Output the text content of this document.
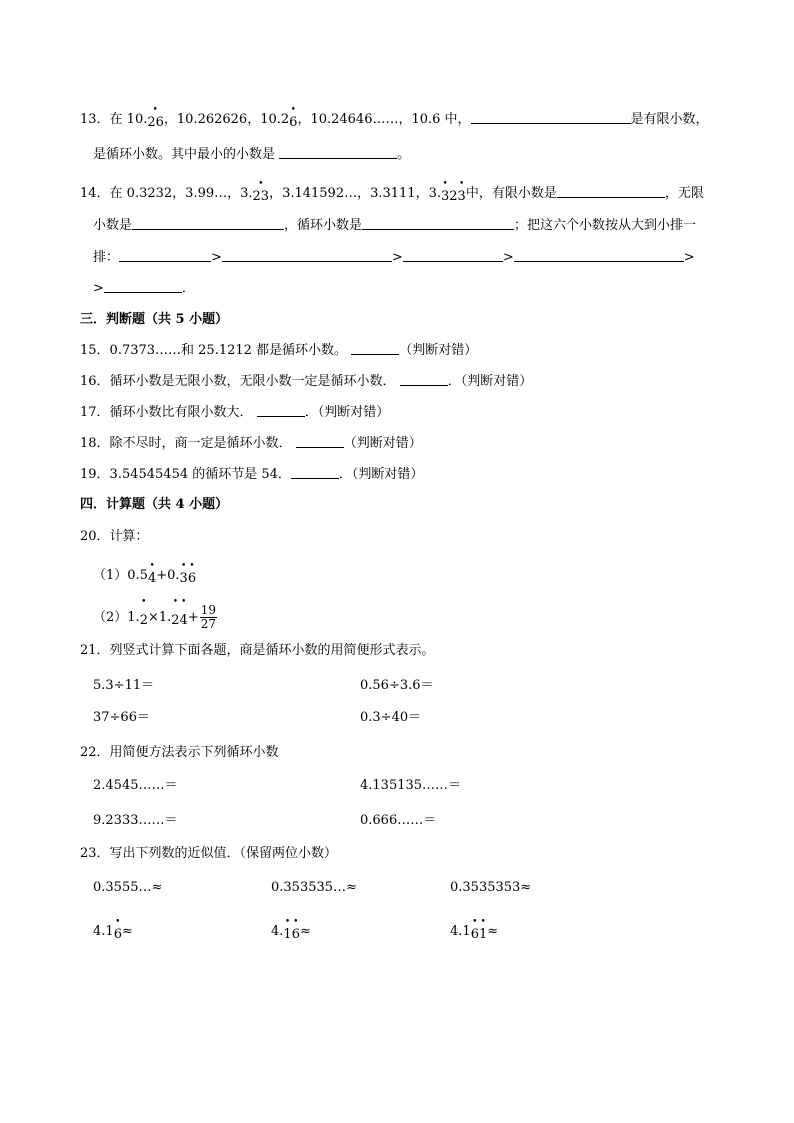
13．在 10.
•
26，10.262626，10.2
•
6，10.24646……，10.6 中，	是有限小数，
是循环小数。其中最小的小数是	。
14．在 0.3232，3.99…，3.
•
23，3.141592…，3.3111，3.
•
32
•
3中，有限小数是	，无限
小数是	，循环小数是	；把这六个小数按从大到小排一
排：	>	>	>	>
>	．
三．判断题（共 5 小题）
15．0.7373……和 25.1212 都是循环小数。	（判断对错）
16．循环小数是无限小数，无限小数一定是循环小数．	．（判断对错）
17．循环小数比有限小数大．	．（判断对错）
18．除不尽时，商一定是循环小数．	（判断对错）
19．3.54545454 的循环节是 54．	．（判断对错）
四．计算题（共 4 小题）
20．计算：
（1）0.5
•
4+0.
•
3
•
6
（2）1.
•
2×1.
•
2
•
$4+ \frac{19}{27}$
21．列竖式计算下面各题，商是循环小数的用简便形式表示。
5.3÷11＝	0.56÷3.6＝
37÷66＝	0.3÷40＝
22．用简便方法表示下列循环小数
2.4545……＝	4.135135……＝
9.2333……＝	0.666……＝
23．写出下列数的近似值．（保留两位小数）
0.3555…≈	0.353535…≈	0.3535353≈
4.1
•
6≈	4.
•
1
•
6≈	4.1
•
6
•
1≈
